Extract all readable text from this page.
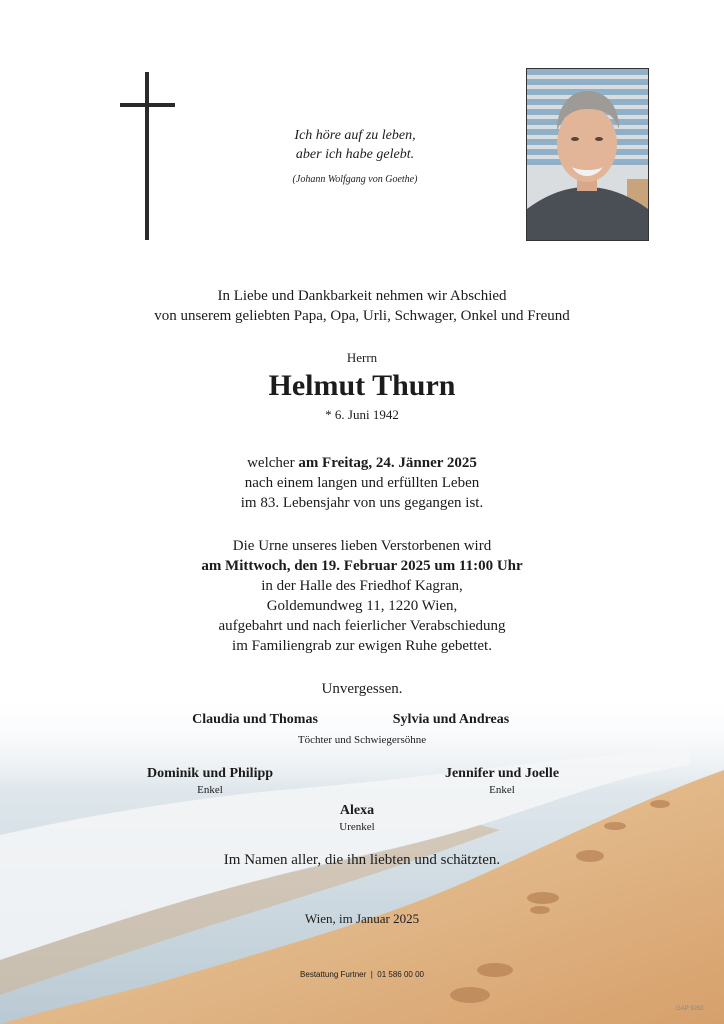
Ich höre auf zu leben,
aber ich habe gelebt.
(Johann Wolfgang von Goethe)
In Liebe und Dankbarkeit nehmen wir Abschied
von unserem geliebten Papa, Opa, Urli, Schwager, Onkel und Freund
Herrn
Helmut Thurn
* 6. Juni 1942
welcher am Freitag, 24. Jänner 2025
nach einem langen und erfüllten Leben
im 83. Lebensjahr von uns gegangen ist.
Die Urne unseres lieben Verstorbenen wird
am Mittwoch, den 19. Februar 2025 um 11:00 Uhr
in der Halle des Friedhof Kagran,
Goldemundweg 11, 1220 Wien,
aufgebahrt und nach feierlicher Verabschiedung
im Familiengrab zur ewigen Ruhe gebettet.
Unvergessen.
Claudia und Thomas	Sylvia und Andreas
Töchter und Schwiegersöhne
Dominik und Philipp
Enkel
Jennifer und Joelle
Enkel
Alexa
Urenkel
Im Namen aller, die ihn liebten und schätzten.
Wien, im Januar 2025
Bestattung Furtner  |  01 586 00 00
GAP 9262
